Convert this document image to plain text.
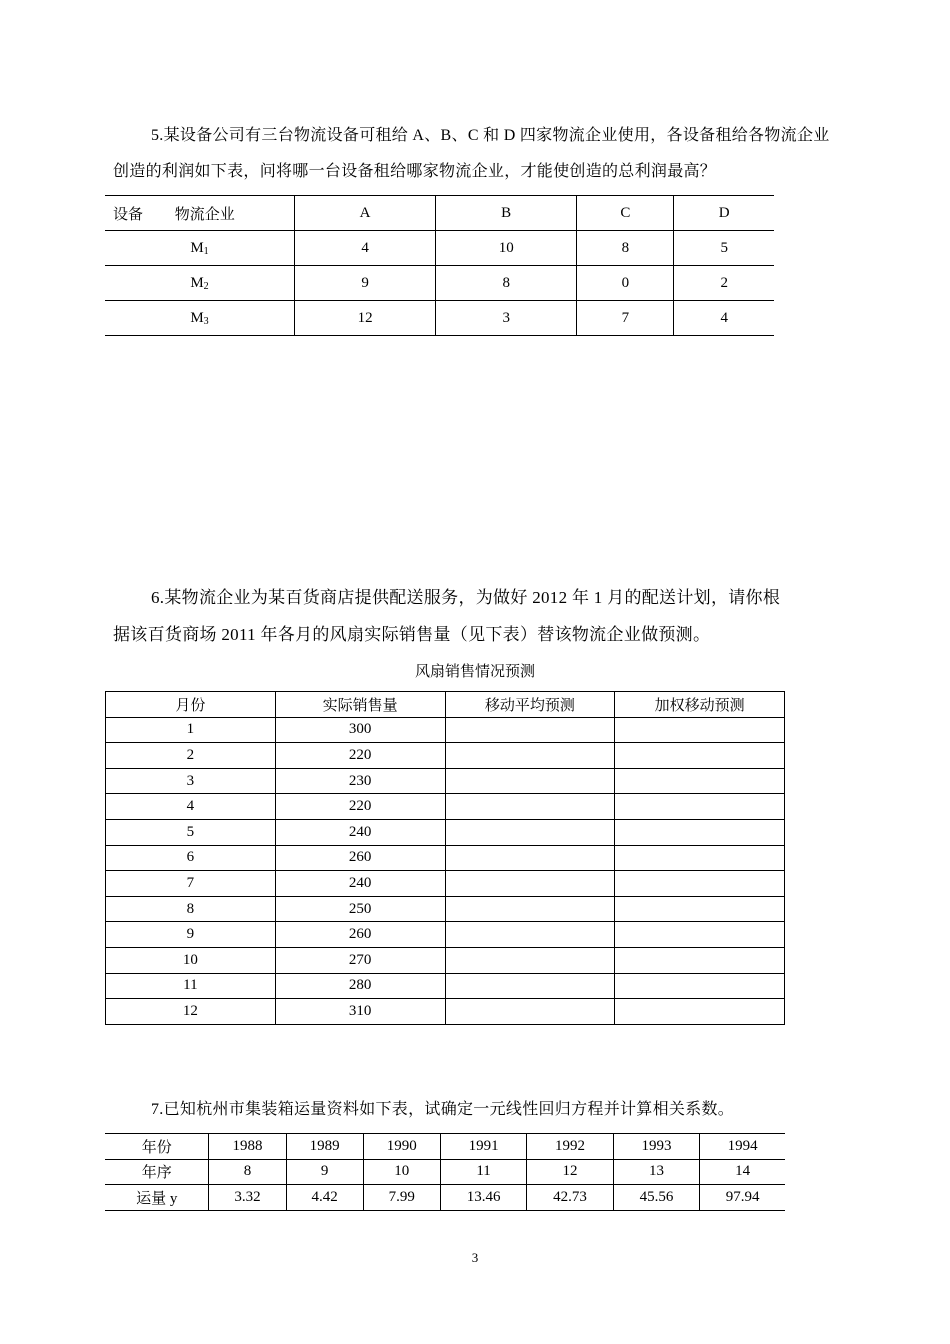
5.某设备公司有三台物流设备可租给 A、B、C 和 D 四家物流企业使用，各设备租给各物流企业
创造的利润如下表，问将哪一台设备租给哪家物流企业，才能使创造的总利润最高？
设备 物流企业	A	B	C	D
$M_1$	4	10	8	5
$M_2$	9	8	0	2
$M_3$	12	3	7	4
6.某物流企业为某百货商店提供配送服务，为做好 2012 年 1 月的配送计划，请你根
据该百货商场 2011 年各月的风扇实际销售量（见下表）替该物流企业做预测。
风扇销售情况预测
月份	实际销售量	移动平均预测	加权移动预测
1	300		
2	220		
3	230		
4	220		
5	240		
6	260		
7	240		
8	250		
9	260		
10	270		
11	280		
12	310		
7.已知杭州市集装箱运量资料如下表，试确定一元线性回归方程并计算相关系数。
年份	1988	1989	1990	1991	1992	1993	1994
年序	8	9	10	11	12	13	14
运量 y	3.32	4.42	7.99	13.46	42.73	45.56	97.94
3
